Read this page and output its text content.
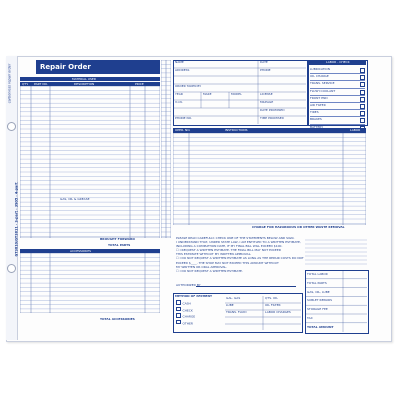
GT3810/GT3811 · 3-part · 3905 · 4-part
carbonless repair order	Repair Order
MATERIAL USED
QTY. PART NO.	DESCRIPTION	PRICE
GAS, OIL & GREASE
BROUGHT FORWARD
TOTAL PARTS
ACCESSORIES
TOTAL ACCESSORIES
NAME	DATE
ADDRESS	PHONE
ORDER TAKEN BY
YEAR	MAKE	MODEL	LICENSE
V.I.N.	MILEAGE
DATE PROMISED
PHONE NO.	TIME PROMISED
LABOR - CHECK
LUBRICATION
OIL CHANGE
TRANS. SERVICE
FLUSH COOLANT
FRONT END
AIR FILTER
TIRES
BRAKES
BATTERY
OPER. NO.	INSTRUCTIONS	LABOR
CHARGE FOR HAZARDOUS OR OTHER WASTE REMOVAL
PLEASE READ CAREFULLY. CHECK ONE OF THE STATEMENTS BELOW AND SIGN.
I UNDERSTAND THAT, UNDER STATE LAW, I AM ENTITLED TO A WRITTEN ESTIMATE,
INCLUDING A COMPLETION DATE, IF MY FINAL BILL WILL EXCEED $100.
☐ I REQUEST A WRITTEN ESTIMATE. THE FINAL BILL MAY NOT EXCEED
THIS ESTIMATE WITHOUT MY WRITTEN APPROVAL.
☐ I DO NOT REQUEST A WRITTEN ESTIMATE AS LONG AS THE REPAIR COSTS DO NOT
EXCEED $____. THE SHOP MAY NOT EXCEED THIS AMOUNT WITHOUT
MY WRITTEN OR ORAL APPROVAL.
☐ I DO NOT REQUEST A WRITTEN ESTIMATE.
AUTHORIZED BY
METHOD OF PAYMENT
CASH
CHECK
CHARGE
OTHER
GAL. GAS	QTS. OIL
LUBE	OIL FILTER
TRANS. FLUID	LABOR CHARGES
TOTAL LABOR
TOTAL PARTS
GAS, OIL, LUBE
SUBLET REPAIRS
STORAGE FEE
TAX
TOTAL AMOUNT
